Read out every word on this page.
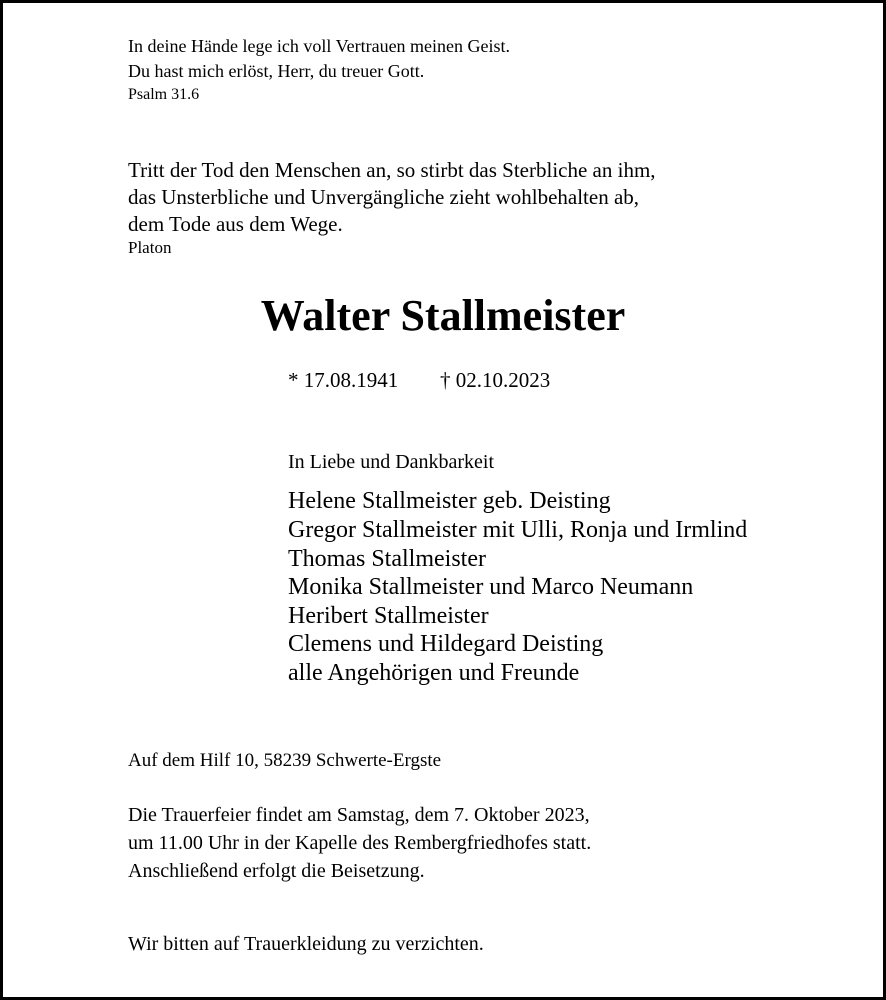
In deine Hände lege ich voll Vertrauen meinen Geist.
Du hast mich erlöst, Herr, du treuer Gott.
Psalm 31.6
Tritt der Tod den Menschen an, so stirbt das Sterbliche an ihm,
das Unsterbliche und Unvergängliche zieht wohlbehalten ab,
dem Tode aus dem Wege.
Platon
Walter Stallmeister
* 17.08.1941 † 02.10.2023
In Liebe und Dankbarkeit
Helene Stallmeister geb. Deisting
Gregor Stallmeister mit Ulli, Ronja und Irmlind
Thomas Stallmeister
Monika Stallmeister und Marco Neumann
Heribert Stallmeister
Clemens und Hildegard Deisting
alle Angehörigen und Freunde
Auf dem Hilf 10, 58239 Schwerte-Ergste
Die Trauerfeier findet am Samstag, dem 7. Oktober 2023,
um 11.00 Uhr in der Kapelle des Rembergfriedhofes statt.
Anschließend erfolgt die Beisetzung.
Wir bitten auf Trauerkleidung zu verzichten.
